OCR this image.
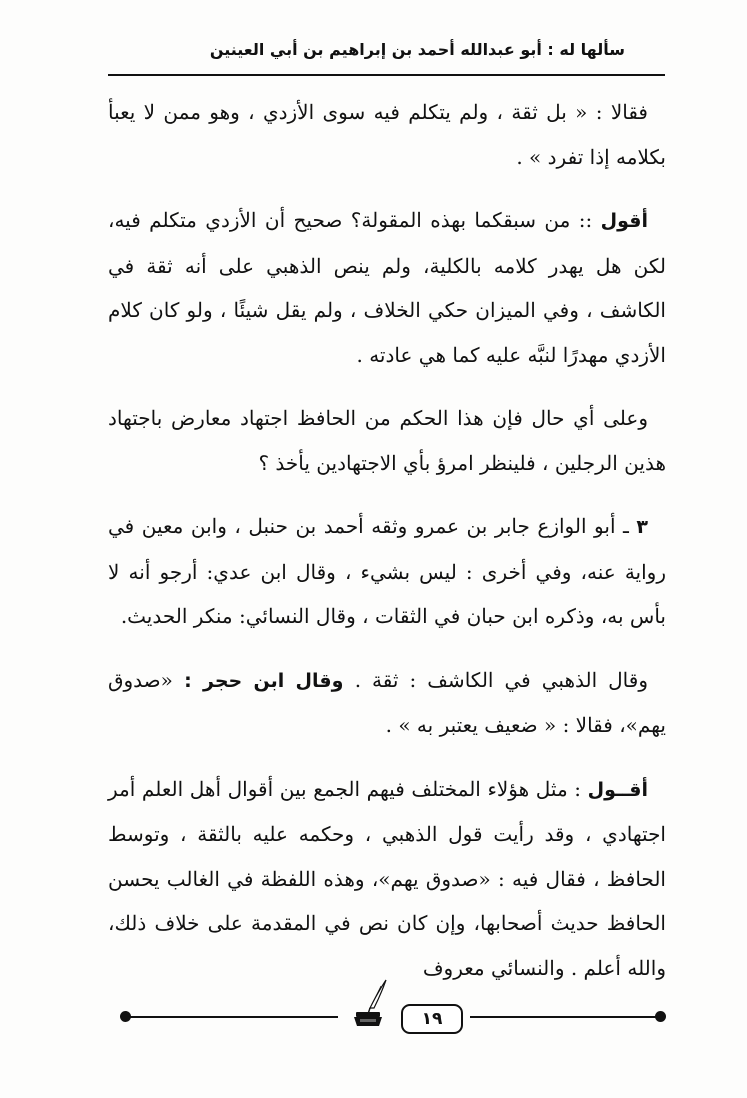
سألها له : أبو عبدالله أحمد بن إبراهيم بن أبي العينين

فقالا : « بل ثقة ، ولم يتكلم فيه سوى الأزدي ، وهو ممن لا يعبأ بكلامه إذا تفرد » .

أقول :: من سبقكما بهذه المقولة؟ صحيح أن الأزدي متكلم فيه، لكن هل يهدر كلامه بالكلية، ولم ينص الذهبي على أنه ثقة في الكاشف ، وفي الميزان حكي الخلاف ، ولم يقل شيئًا ، ولو كان كلام الأزدي مهدرًا لنبَّه عليه كما هي عادته .

وعلى أي حال فإن هذا الحكم من الحافظ اجتهاد معارض باجتهاد هذين الرجلين ، فلينظر امرؤ بأي الاجتهادين يأخذ ؟

٣ ـ أبو الوازع جابر بن عمرو وثقه أحمد بن حنبل ، وابن معين في رواية عنه، وفي أخرى : ليس بشيء ، وقال ابن عدي: أرجو أنه لا بأس به، وذكره ابن حبان في الثقات ، وقال النسائي: منكر الحديث.

وقال الذهبي في الكاشف : ثقة . وقال ابن حجر : «صدوق يهم»، فقالا : « ضعيف يعتبر به » .

أقــول : مثل هؤلاء المختلف فيهم الجمع بين أقوال أهل العلم أمر اجتهادي ، وقد رأيت قول الذهبي ، وحكمه عليه بالثقة ، وتوسط الحافظ ، فقال فيه : «صدوق يهم»، وهذه اللفظة في الغالب يحسن الحافظ حديث أصحابها، وإن كان نص في المقدمة على خلاف ذلك، والله أعلم . والنسائي معروف

١٩
